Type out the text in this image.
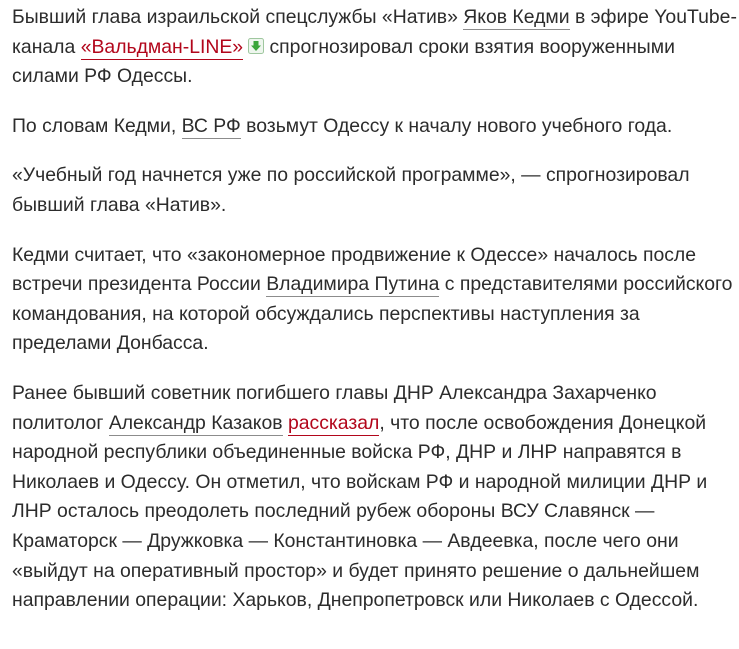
Бывший глава израильской спецслужбы «Натив» Яков Кедми в эфире YouTube-канала «Вальдман-LINE» спрогнозировал сроки взятия вооруженными силами РФ Одессы.

По словам Кедми, ВС РФ возьмут Одессу к началу нового учебного года.

«Учебный год начнется уже по российской программе», — спрогнозировал бывший глава «Натив».

Кедми считает, что «закономерное продвижение к Одессе» началось после встречи президента России Владимира Путина с представителями российского командования, на которой обсуждались перспективы наступления за пределами Донбасса.

Ранее бывший советник погибшего главы ДНР Александра Захарченко политолог Александр Казаков рассказал, что после освобождения Донецкой народной республики объединенные войска РФ, ДНР и ЛНР направятся в Николаев и Одессу. Он отметил, что войскам РФ и народной милиции ДНР и ЛНР осталось преодолеть последний рубеж обороны ВСУ Славянск — Краматорск — Дружковка — Константиновка — Авдеевка, после чего они «выйдут на оперативный простор» и будет принято решение о дальнейшем направлении операции: Харьков, Днепропетровск или Николаев с Одессой.
